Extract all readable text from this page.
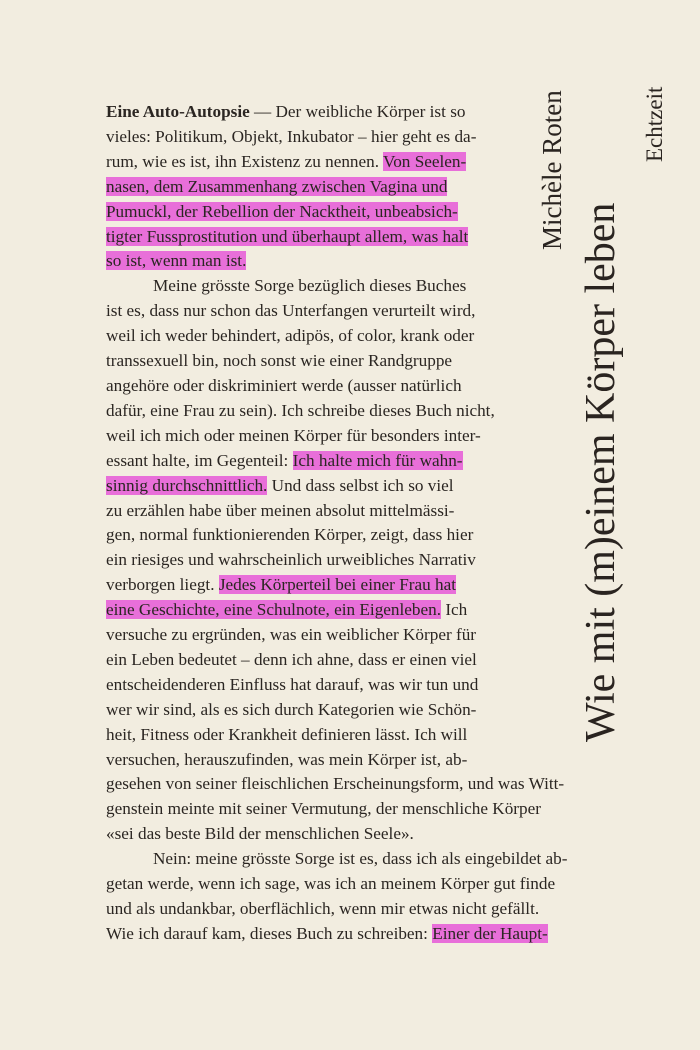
Eine Auto-Autopsie — Der weibliche Körper ist so
vieles: Politikum, Objekt, Inkubator – hier geht es da-
rum, wie es ist, ihn Existenz zu nennen. Von Seelen-
nasen, dem Zusammenhang zwischen Vagina und
Pumuckl, der Rebellion der Nacktheit, unbeabsich-
tigter Fussprostitution und überhaupt allem, was halt
so ist, wenn man ist.
Meine grösste Sorge bezüglich dieses Buches
ist es, dass nur schon das Unterfangen verurteilt wird,
weil ich weder behindert, adipös, of color, krank oder
transsexuell bin, noch sonst wie einer Randgruppe
angehöre oder diskriminiert werde (ausser natürlich
dafür, eine Frau zu sein). Ich schreibe dieses Buch nicht,
weil ich mich oder meinen Körper für besonders inter-
essant halte, im Gegenteil: Ich halte mich für wahn-
sinnig durchschnittlich. Und dass selbst ich so viel
zu erzählen habe über meinen absolut mittelmässi-
gen, normal funktionierenden Körper, zeigt, dass hier
ein riesiges und wahrscheinlich urweibliches Narrativ
verborgen liegt. Jedes Körperteil bei einer Frau hat
eine Geschichte, eine Schulnote, ein Eigenleben. Ich
versuche zu ergründen, was ein weiblicher Körper für
ein Leben bedeutet – denn ich ahne, dass er einen viel
entscheidenderen Einfluss hat darauf, was wir tun und
wer wir sind, als es sich durch Kategorien wie Schön-
heit, Fitness oder Krankheit definieren lässt. Ich will
versuchen, herauszufinden, was mein Körper ist, ab-
gesehen von seiner fleischlichen Erscheinungsform, und was Witt-
genstein meinte mit seiner Vermutung, der menschliche Körper
«sei das beste Bild der menschlichen Seele».
Nein: meine grösste Sorge ist es, dass ich als eingebildet ab-
getan werde, wenn ich sage, was ich an meinem Körper gut finde
und als undankbar, oberflächlich, wenn mir etwas nicht gefällt.
Wie ich darauf kam, dieses Buch zu schreiben: Einer der Haupt-
Michèle Roten
Wie mit (m)einem Körper leben
Echtzeit
